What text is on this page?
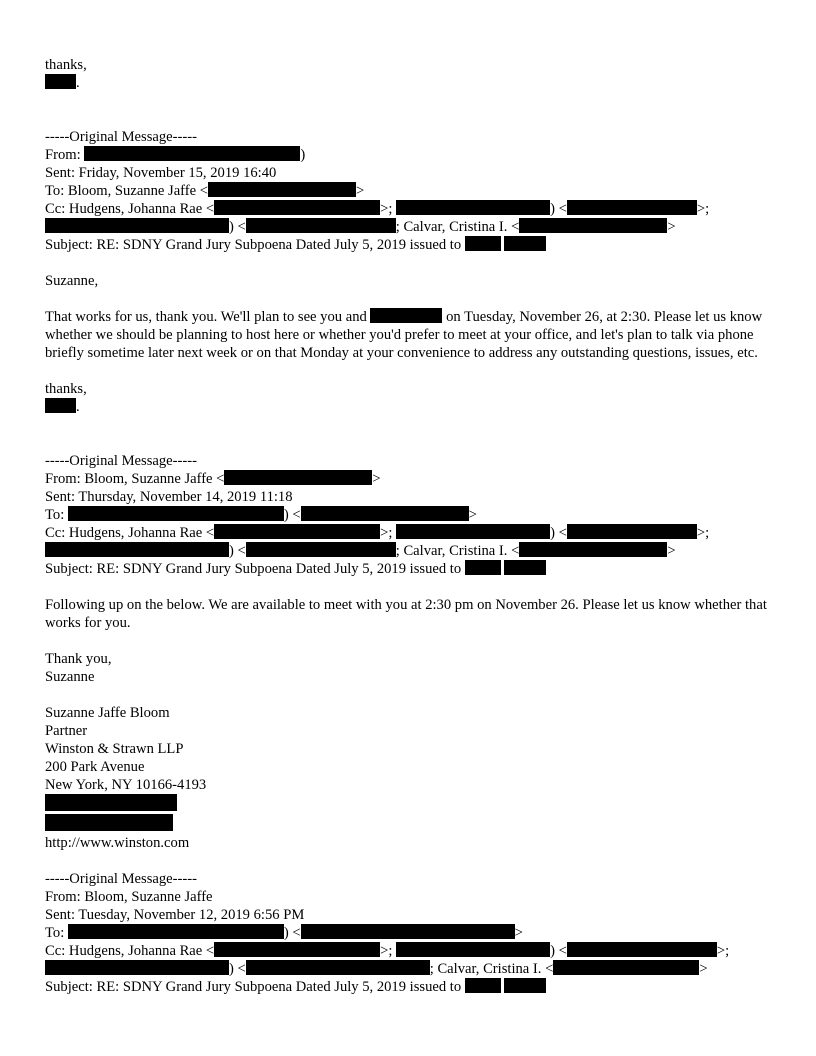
thanks,
.
-----Original Message-----
From:	)
Sent: Friday, November 15, 2019 16:40
To: Bloom, Suzanne Jaffe <	>
Cc: Hudgens, Johanna Rae <	>;	) <	>;
) <	; Calvar, Cristina I. <	>
Subject: RE: SDNY Grand Jury Subpoena Dated July 5, 2019 issued to
Suzanne,
That works for us, thank you. We'll plan to see you and	on Tuesday, November 26, at 2:30. Please let us know whether we should be planning to host here or whether you'd prefer to meet at your office, and let's plan to talk via phone briefly sometime later next week or on that Monday at your convenience to address any outstanding questions, issues, etc.
thanks,
.
-----Original Message-----
From: Bloom, Suzanne Jaffe <	>
Sent: Thursday, November 14, 2019 11:18
To:	) <	>
Cc: Hudgens, Johanna Rae <	>;	) <	>;
) <	; Calvar, Cristina I. <	>
Subject: RE: SDNY Grand Jury Subpoena Dated July 5, 2019 issued to
Following up on the below. We are available to meet with you at 2:30 pm on November 26. Please let us know whether that works for you.
Thank you,
Suzanne
Suzanne Jaffe Bloom
Partner
Winston & Strawn LLP
200 Park Avenue
New York, NY 10166-4193
http://www.winston.com
-----Original Message-----
From: Bloom, Suzanne Jaffe
Sent: Tuesday, November 12, 2019 6:56 PM
To:	) <	>
Cc: Hudgens, Johanna Rae <	>;	) <	>;
) <	; Calvar, Cristina I. <	>
Subject: RE: SDNY Grand Jury Subpoena Dated July 5, 2019 issued to
